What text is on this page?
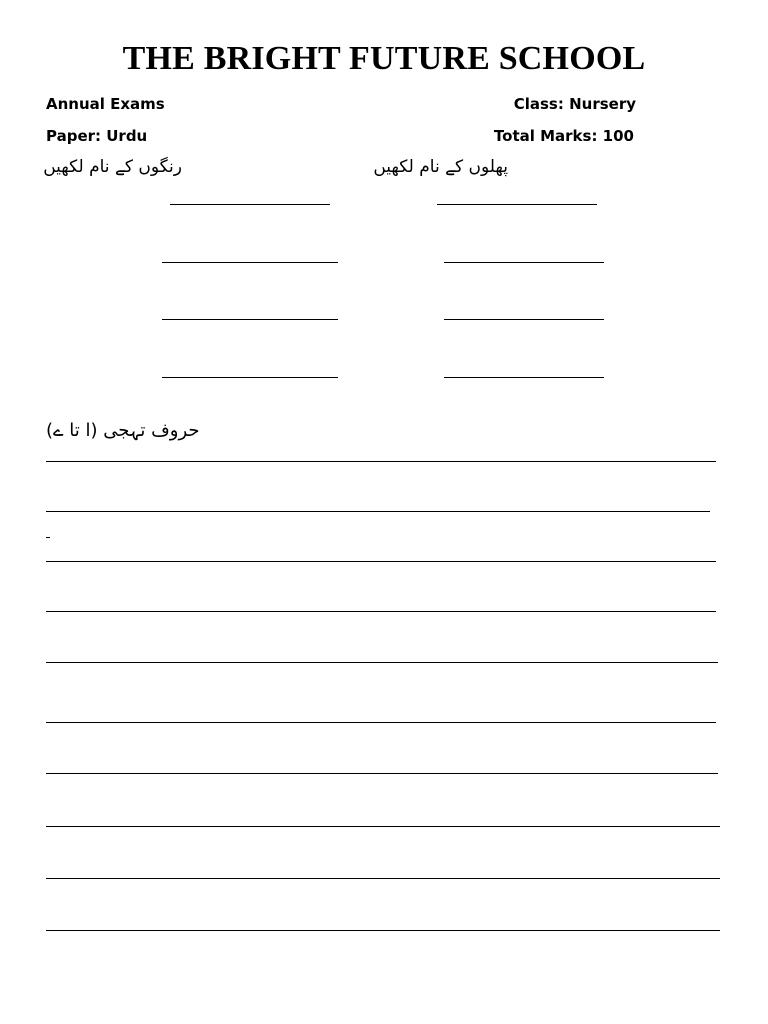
THE BRIGHT FUTURE SCHOOL
Annual Exams	Class: Nursery
Paper: Urdu	Total Marks: 100
رنگوں کے نام لکھیں	پھلوں کے نام لکھیں
حروف تہجی (ا تا ے)
